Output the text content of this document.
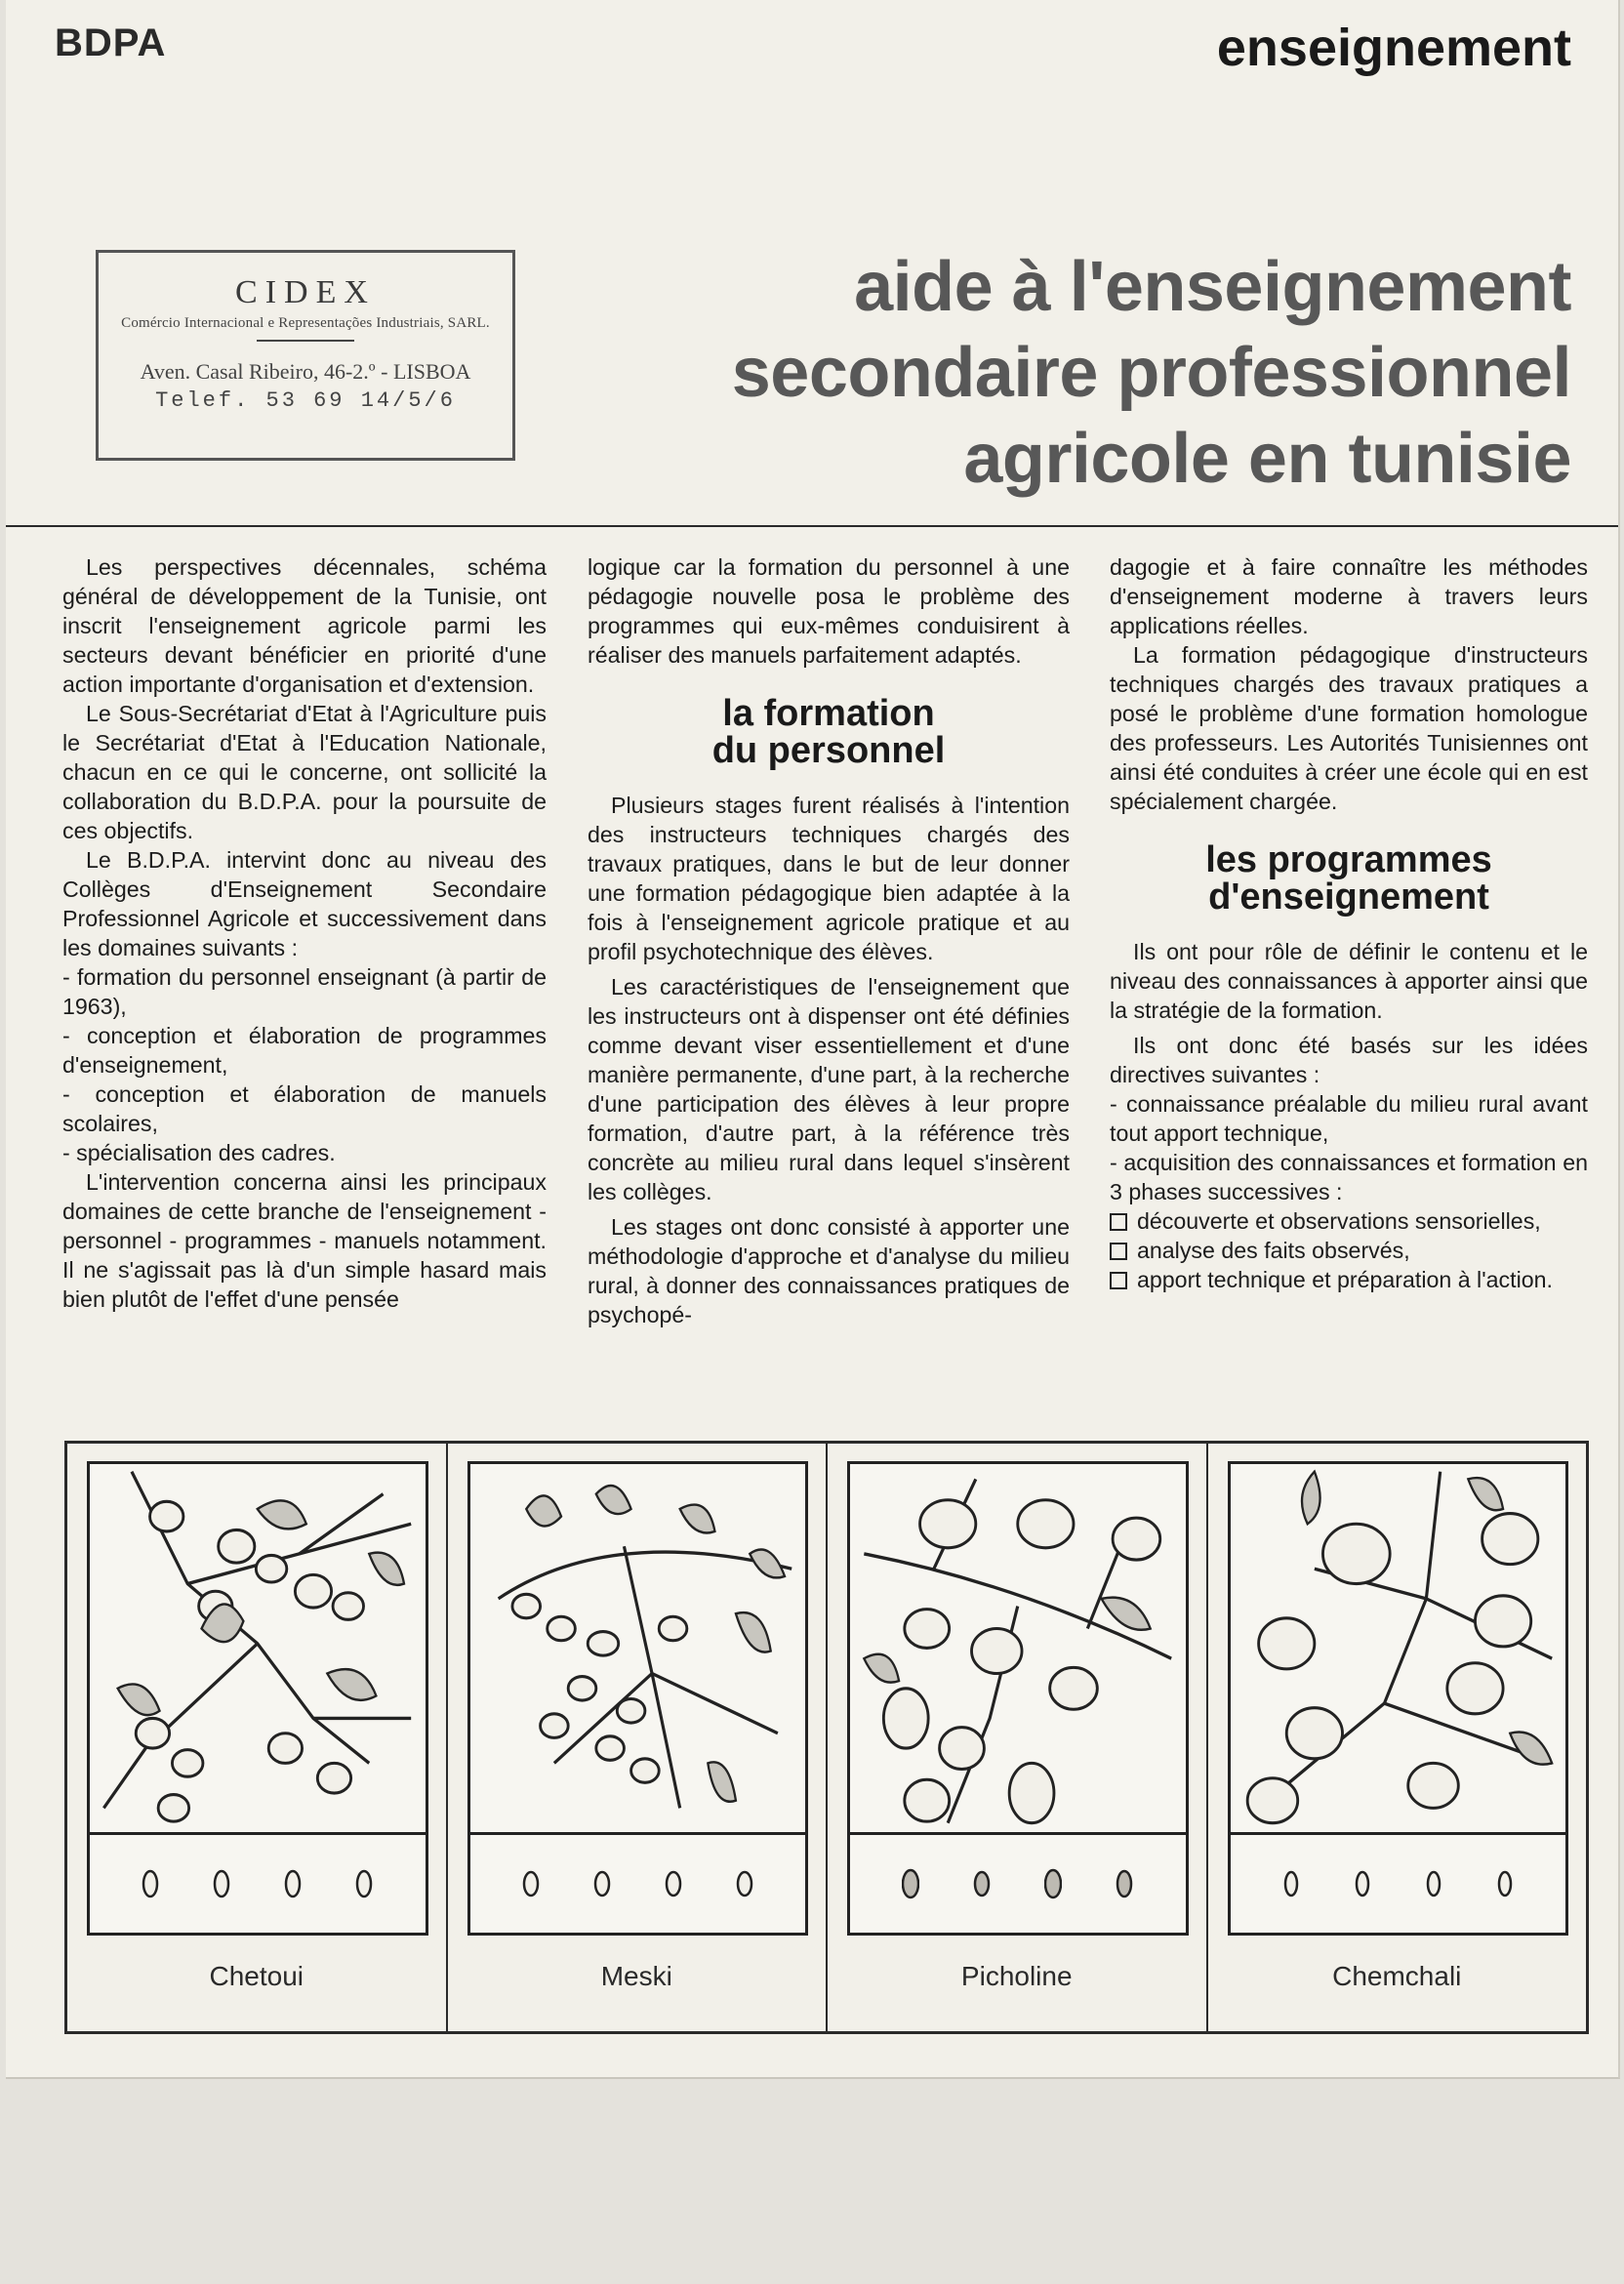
BDPA	enseignement
CIDEX
Comércio Internacional e Representações Industriais, SARL.
Aven. Casal Ribeiro, 46-2.º - LISBOA
Telef. 53 69 14/5/6
aide à l'enseignement
secondaire professionnel
agricole en tunisie

Les perspectives décennales, schéma général de développement de la Tunisie, ont inscrit l'enseignement agricole parmi les secteurs devant bénéficier en priorité d'une action importante d'organisation et d'extension.

Le Sous-Secrétariat d'Etat à l'Agriculture puis le Secrétariat d'Etat à l'Education Nationale, chacun en ce qui le concerne, ont sollicité la collaboration du B.D.P.A. pour la poursuite de ces objectifs.

Le B.D.P.A. intervint donc au niveau des Collèges d'Enseignement Secondaire Professionnel Agricole et successivement dans les domaines suivants :

- formation du personnel enseignant (à partir de 1963),

- conception et élaboration de programmes d'enseignement,

- conception et élaboration de manuels scolaires,

- spécialisation des cadres.

L'intervention concerna ainsi les principaux domaines de cette branche de l'enseignement - personnel - programmes - manuels notamment. Il ne s'agissait pas là d'un simple hasard mais bien plutôt de l'effet d'une pensée

logique car la formation du personnel à une pédagogie nouvelle posa le problème des programmes qui eux-mêmes conduisirent à réaliser des manuels parfaitement adaptés.

la formation
du personnel

Plusieurs stages furent réalisés à l'intention des instructeurs techniques chargés des travaux pratiques, dans le but de leur donner une formation pédagogique bien adaptée à la fois à l'enseignement agricole pratique et au profil psychotechnique des élèves.

Les caractéristiques de l'enseignement que les instructeurs ont à dispenser ont été définies comme devant viser essentiellement et d'une manière permanente, d'une part, à la recherche d'une participation des élèves à leur propre formation, d'autre part, à la référence très concrète au milieu rural dans lequel s'insèrent les collèges.

Les stages ont donc consisté à apporter une méthodologie d'approche et d'analyse du milieu rural, à donner des connaissances pratiques de psychopé-

dagogie et à faire connaître les méthodes d'enseignement moderne à travers leurs applications réelles.

La formation pédagogique d'instructeurs techniques chargés des travaux pratiques a posé le problème d'une formation homologue des professeurs. Les Autorités Tunisiennes ont ainsi été conduites à créer une école qui en est spécialement chargée.

les programmes
d'enseignement

Ils ont pour rôle de définir le contenu et le niveau des connaissances à apporter ainsi que la stratégie de la formation.

Ils ont donc été basés sur les idées directives suivantes :

- connaissance préalable du milieu rural avant tout apport technique,

- acquisition des connaissances et formation en 3 phases successives :

découverte et observations sensorielles,

analyse des faits observés,

apport technique et préparation à l'action.

Chetoui	Meski	Picholine	Chemchali
